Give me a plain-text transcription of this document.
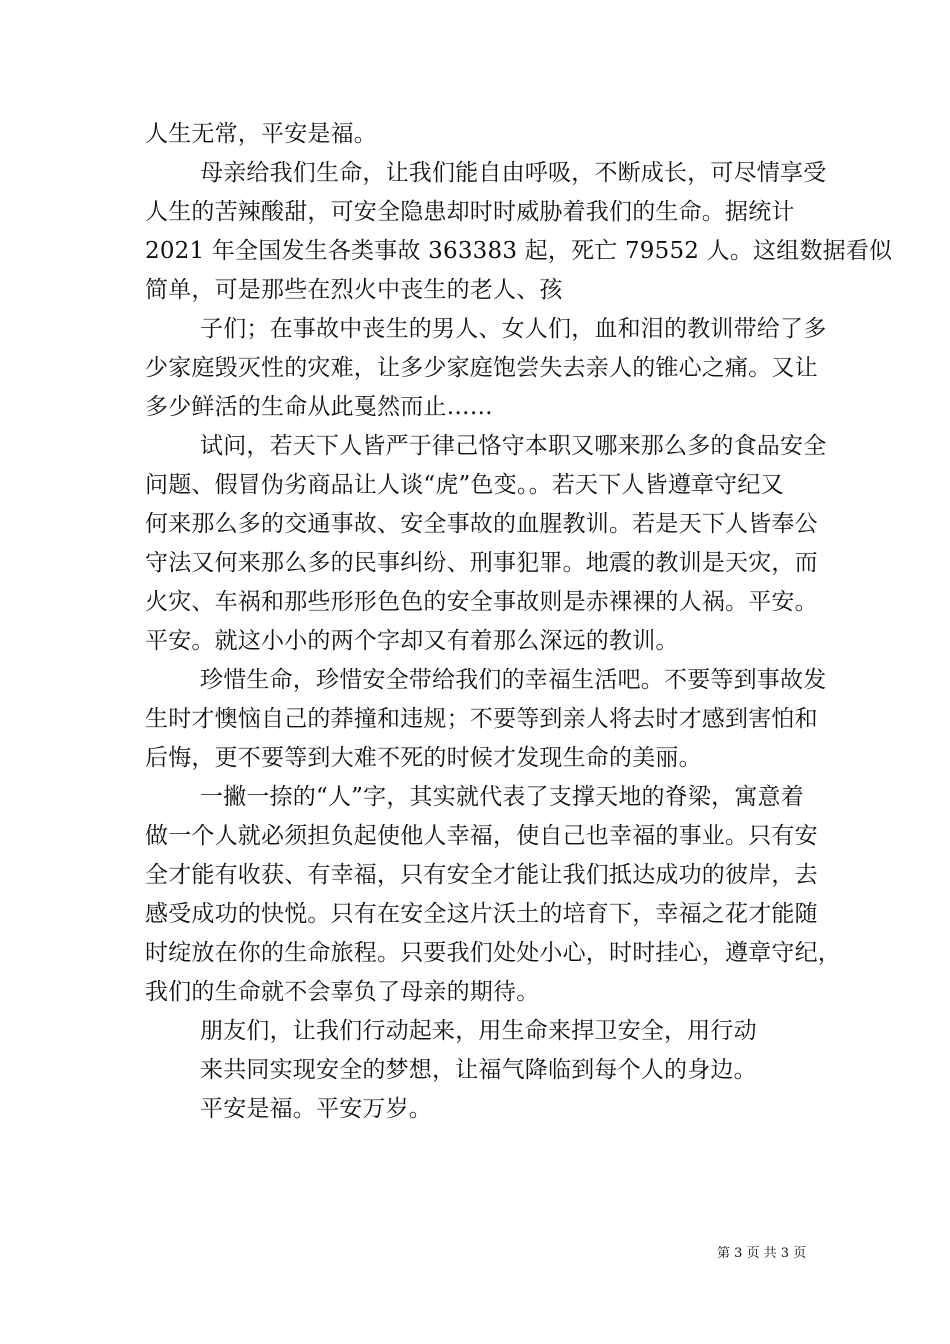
人生无常，平安是福。
母亲给我们生命，让我们能自由呼吸，不断成长，可尽情享受
人生的苦辣酸甜，可安全隐患却时时威胁着我们的生命。据统计
2021 年全国发生各类事故 363383 起，死亡 79552 人。这组数据看似
简单，可是那些在烈火中丧生的老人、孩
子们；在事故中丧生的男人、女人们，血和泪的教训带给了多
少家庭毁灭性的灾难，让多少家庭饱尝失去亲人的锥心之痛。又让
多少鲜活的生命从此戛然而止……
试问，若天下人皆严于律己恪守本职又哪来那么多的食品安全
问题、假冒伪劣商品让人谈“虎”色变。。若天下人皆遵章守纪又
何来那么多的交通事故、安全事故的血腥教训。若是天下人皆奉公
守法又何来那么多的民事纠纷、刑事犯罪。地震的教训是天灾，而
火灾、车祸和那些形形色色的安全事故则是赤裸裸的人祸。平安。
平安。就这小小的两个字却又有着那么深远的教训。
珍惜生命，珍惜安全带给我们的幸福生活吧。不要等到事故发
生时才懊恼自己的莽撞和违规；不要等到亲人将去时才感到害怕和
后悔，更不要等到大难不死的时候才发现生命的美丽。
一撇一捺的“人”字，其实就代表了支撑天地的脊梁，寓意着
做一个人就必须担负起使他人幸福，使自己也幸福的事业。只有安
全才能有收获、有幸福，只有安全才能让我们抵达成功的彼岸，去
感受成功的快悦。只有在安全这片沃土的培育下，幸福之花才能随
时绽放在你的生命旅程。只要我们处处小心，时时挂心，遵章守纪，
我们的生命就不会辜负了母亲的期待。
朋友们，让我们行动起来，用生命来捍卫安全，用行动
来共同实现安全的梦想，让福气降临到每个人的身边。
平安是福。平安万岁。
第 3 页 共 3 页
